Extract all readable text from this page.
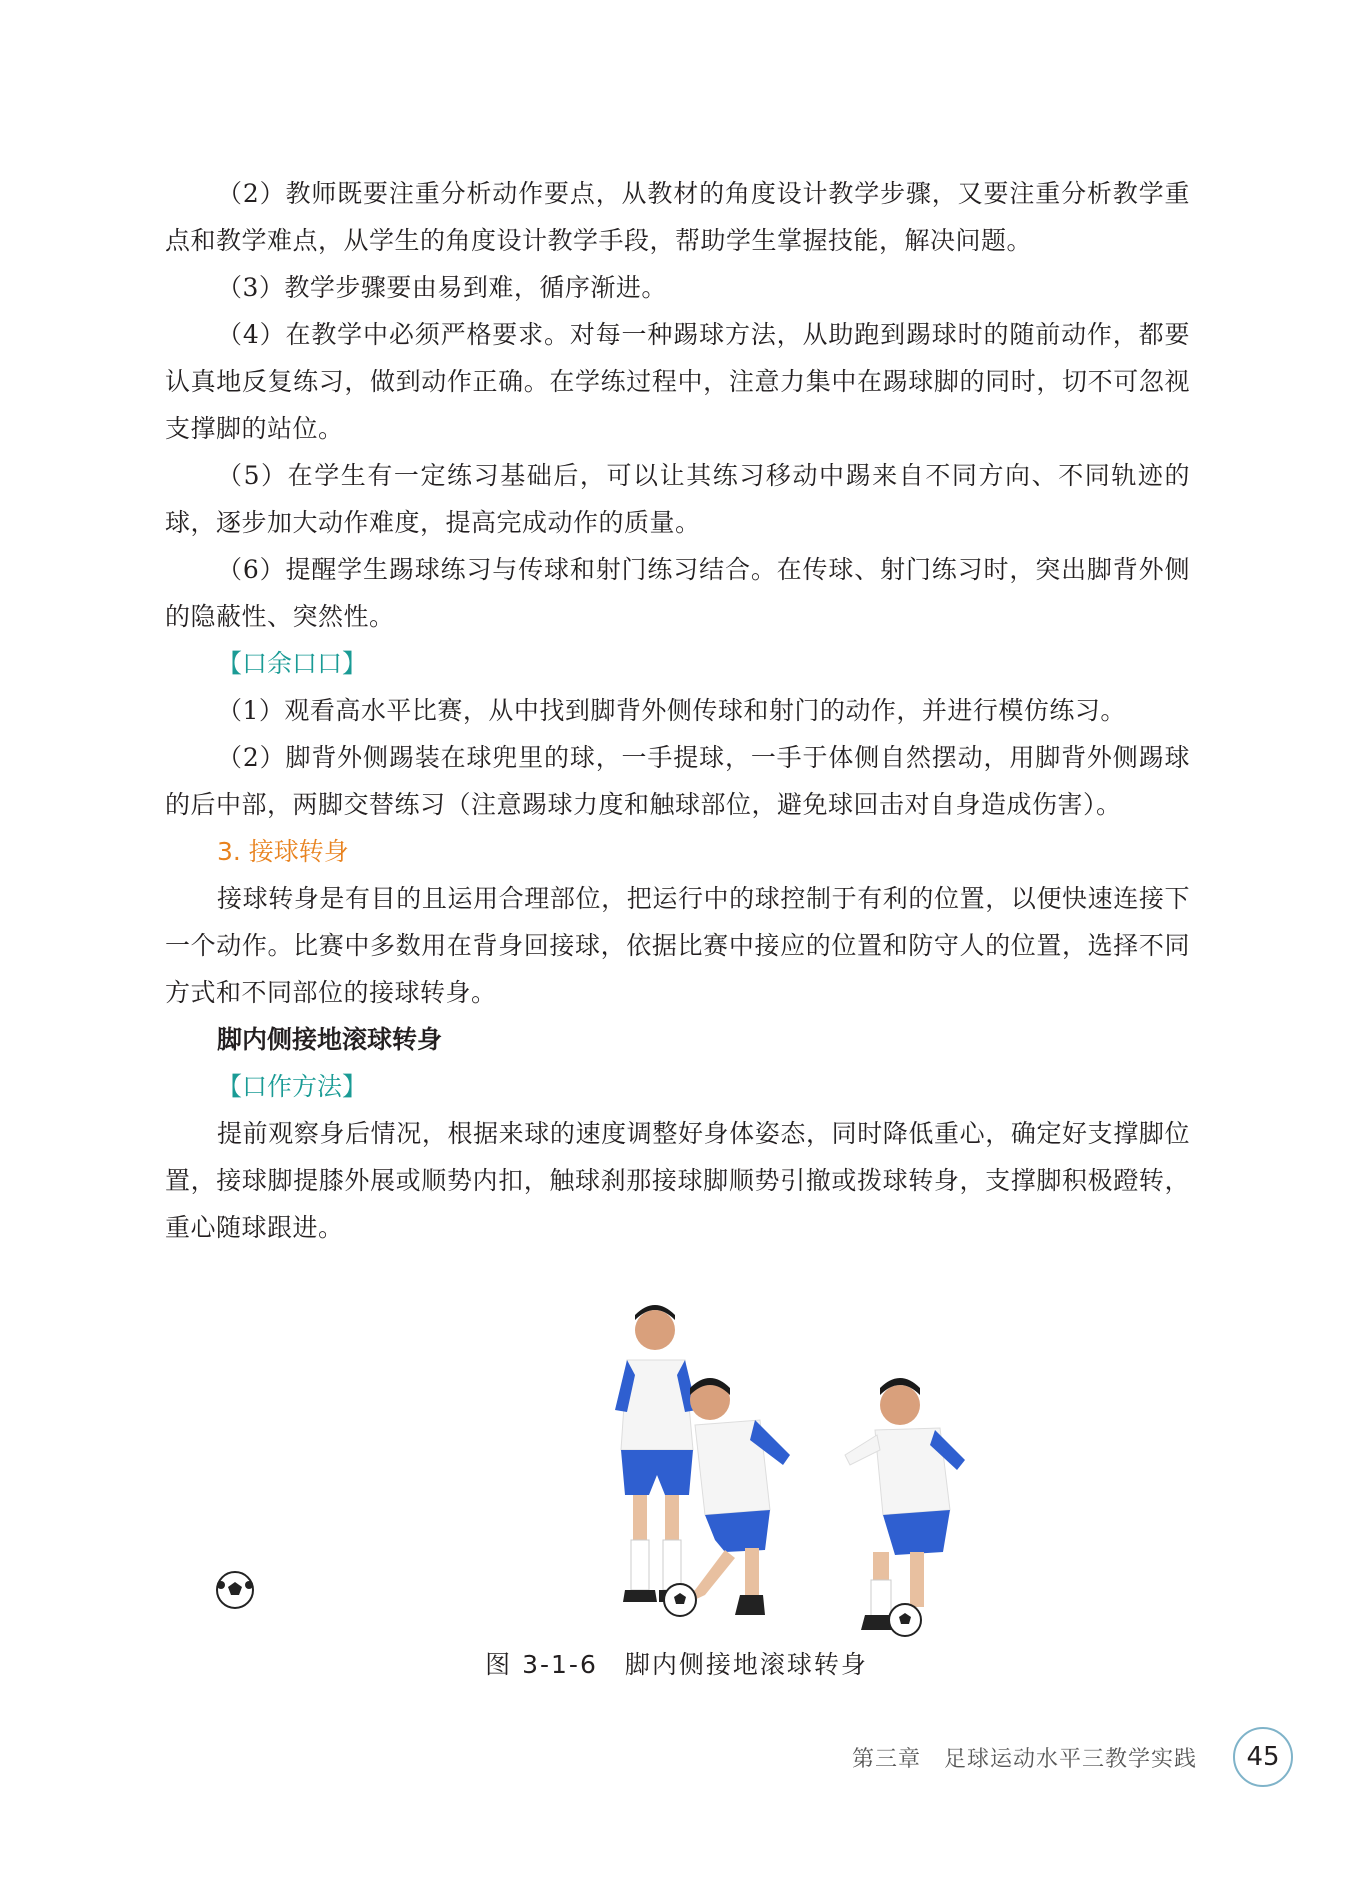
（2）教师既要注重分析动作要点，从教材的角度设计教学步骤，又要注重分析教学重点和教学难点，从学生的角度设计教学手段，帮助学生掌握技能，解决问题。

（3）教学步骤要由易到难，循序渐进。

（4）在教学中必须严格要求。对每一种踢球方法，从助跑到踢球时的随前动作，都要认真地反复练习，做到动作正确。在学练过程中，注意力集中在踢球脚的同时，切不可忽视支撑脚的站位。

（5）在学生有一定练习基础后，可以让其练习移动中踢来自不同方向、不同轨迹的球，逐步加大动作难度，提高完成动作的质量。

（6）提醒学生踢球练习与传球和射门练习结合。在传球、射门练习时，突出脚背外侧的隐蔽性、突然性。

【口余口口】

（1）观看高水平比赛，从中找到脚背外侧传球和射门的动作，并进行模仿练习。

（2）脚背外侧踢装在球兜里的球，一手提球，一手于体侧自然摆动，用脚背外侧踢球的后中部，两脚交替练习（注意踢球力度和触球部位，避免球回击对自身造成伤害）。

3. 接球转身

接球转身是有目的且运用合理部位，把运行中的球控制于有利的位置，以便快速连接下一个动作。比赛中多数用在背身回接球，依据比赛中接应的位置和防守人的位置，选择不同方式和不同部位的接球转身。

脚内侧接地滚球转身

【口作方法】

提前观察身后情况，根据来球的速度调整好身体姿态，同时降低重心，确定好支撑脚位置，接球脚提膝外展或顺势内扣，触球刹那接球脚顺势引撤或拨球转身，支撑脚积极蹬转，重心随球跟进。

图 3-1-6　脚内侧接地滚球转身
第三章　足球运动水平三教学实践	45
